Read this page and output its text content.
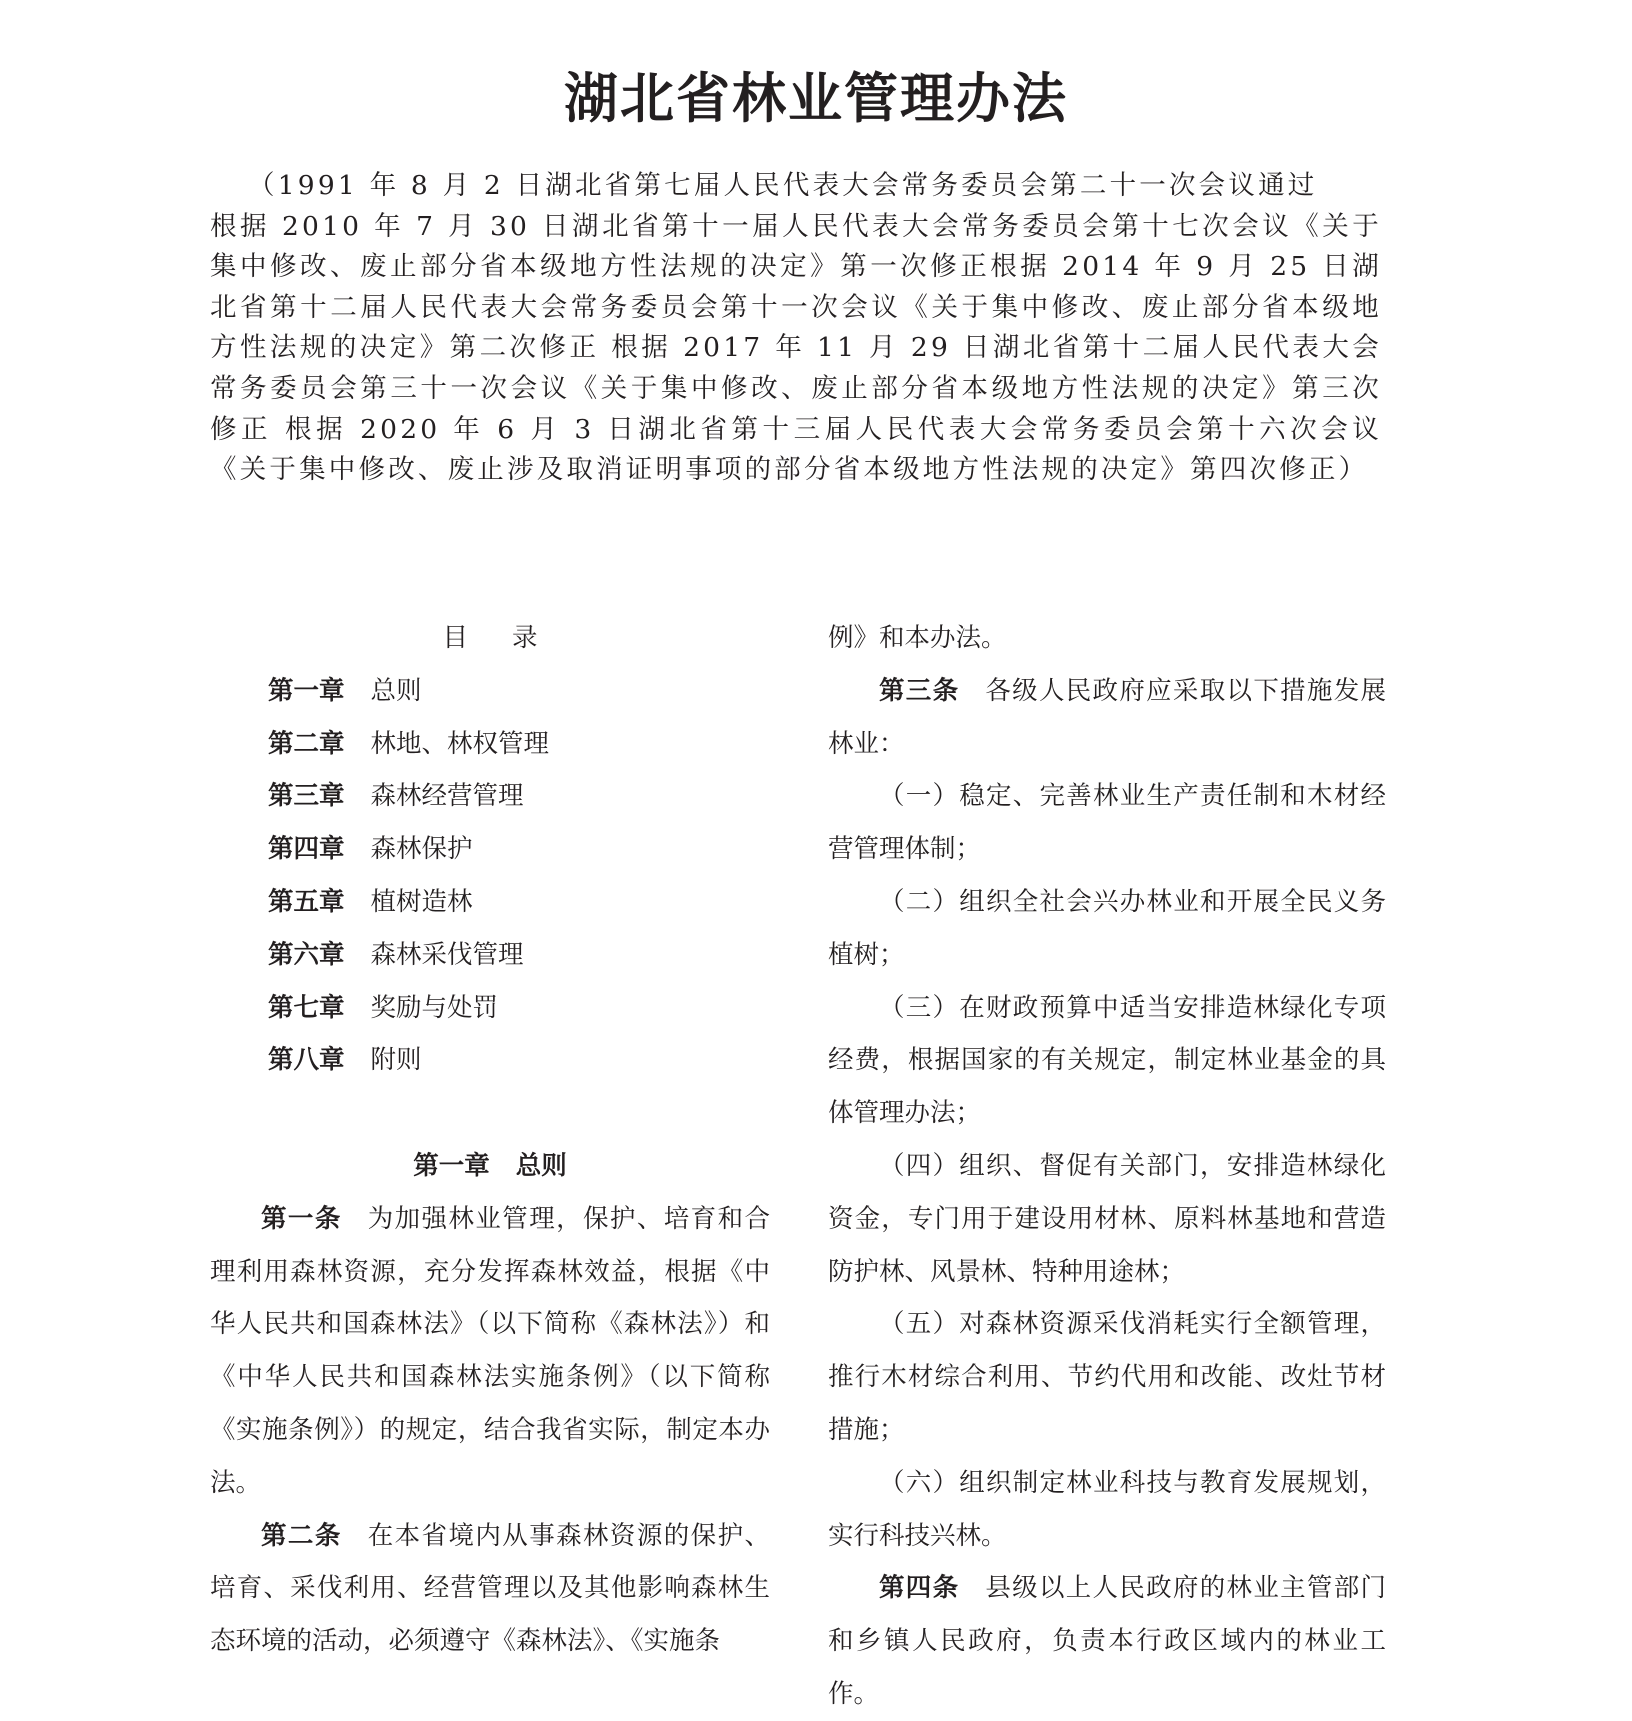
湖北省林业管理办法

（1991 年 8 月 2 日湖北省第七届人民代表大会常务委员会第二十一次会议通过
根据 2010 年 7 月 30 日湖北省第十一届人民代表大会常务委员会第十七次会议《关于集中修改、废止部分省本级地方性法规的决定》第一次修正根据 2014 年 9 月 25 日湖北省第十二届人民代表大会常务委员会第十一次会议《关于集中修改、废止部分省本级地方性法规的决定》第二次修正 根据 2017 年 11 月 29 日湖北省第十二届人民代表大会常务委员会第三十一次会议《关于集中修改、废止部分省本级地方性法规的决定》第三次修正 根据 2020 年 6 月 3 日湖北省第十三届人民代表大会常务委员会第十六次会议《关于集中修改、废止涉及取消证明事项的部分省本级地方性法规的决定》第四次修正）

目录
第一章 总则
第二章 林地、林权管理
第三章 森林经营管理
第四章 森林保护
第五章 植树造林
第六章 森林采伐管理
第七章 奖励与处罚
第八章 附则
第一章 总则

第一条 为加强林业管理，保护、培育和合理利用森林资源，充分发挥森林效益，根据《中华人民共和国森林法》（以下简称《森林法》）和《中华人民共和国森林法实施条例》（以下简称《实施条例》）的规定，结合我省实际，制定本办法。

第二条 在本省境内从事森林资源的保护、培育、采伐利用、经营管理以及其他影响森林生态环境的活动，必须遵守《森林法》、《实施条

例》和本办法。

第三条 各级人民政府应采取以下措施发展林业：

（一）稳定、完善林业生产责任制和木材经营管理体制；

（二）组织全社会兴办林业和开展全民义务植树；

（三）在财政预算中适当安排造林绿化专项经费，根据国家的有关规定，制定林业基金的具体管理办法；

（四）组织、督促有关部门，安排造林绿化资金，专门用于建设用材林、原料林基地和营造防护林、风景林、特种用途林；

（五）对森林资源采伐消耗实行全额管理，推行木材综合利用、节约代用和改能、改灶节材措施；

（六）组织制定林业科技与教育发展规划，实行科技兴林。

第四条 县级以上人民政府的林业主管部门和乡镇人民政府，负责本行政区域内的林业工作。
